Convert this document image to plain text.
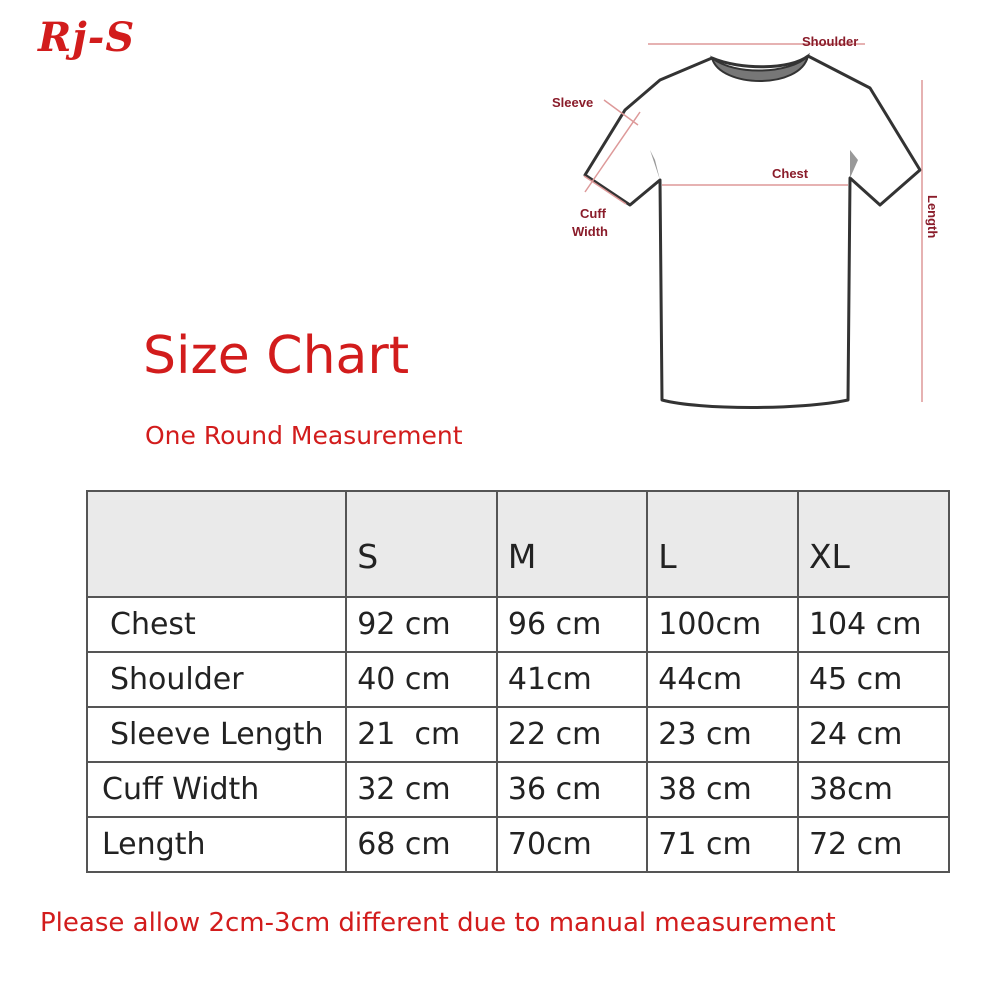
Rj-S	Shoulder
Sleeve
Chest
Cuff
Width	Length
Size Chart
One Round Measurement
	S	M	L	XL
Chest	92 cm	96 cm	100cm	104 cm
Shoulder	40 cm	41cm	44cm	45 cm
Sleeve Length	21  cm	22 cm	23 cm	24 cm
Cuff Width	32 cm	36 cm	38 cm	38cm
Length	68 cm	70cm	71 cm	72 cm
Please allow 2cm-3cm different due to manual measurement
